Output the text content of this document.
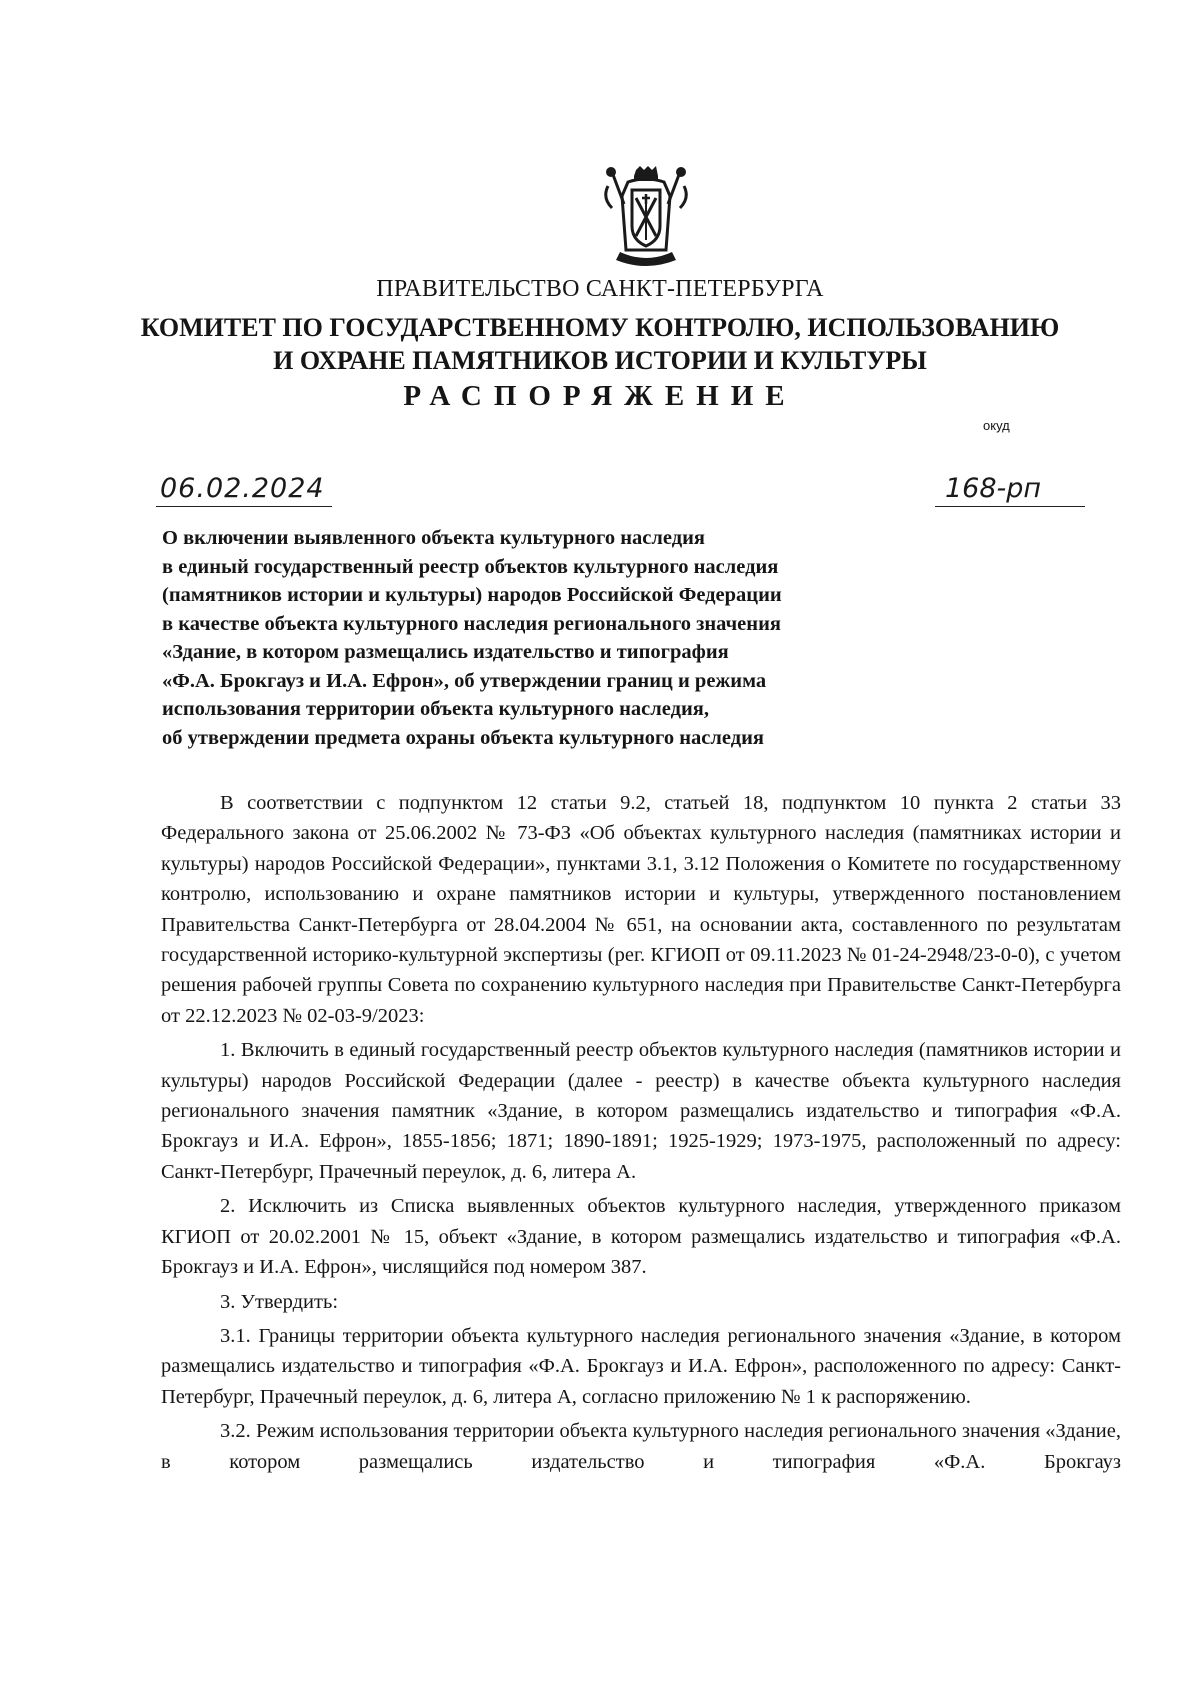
ПРАВИТЕЛЬСТВО САНКТ-ПЕТЕРБУРГА
КОМИТЕТ ПО ГОСУДАРСТВЕННОМУ КОНТРОЛЮ, ИСПОЛЬЗОВАНИЮ
И ОХРАНЕ ПАМЯТНИКОВ ИСТОРИИ И КУЛЬТУРЫ
РАСПОРЯЖЕНИЕ
окуд
06.02.2024	168-рп
О включении выявленного объекта культурного наследия
в единый государственный реестр объектов культурного наследия
(памятников истории и культуры) народов Российской Федерации
в качестве объекта культурного наследия регионального значения
«Здание, в котором размещались издательство и типография
«Ф.А. Брокгауз и И.А. Ефрон», об утверждении границ и режима
использования территории объекта культурного наследия,
об утверждении предмета охраны объекта культурного наследия

В соответствии с подпунктом 12 статьи 9.2, статьей 18, подпунктом 10 пункта 2 статьи 33 Федерального закона от 25.06.2002 № 73-ФЗ «Об объектах культурного наследия (памятниках истории и культуры) народов Российской Федерации», пунктами 3.1, 3.12 Положения о Комитете по государственному контролю, использованию и охране памятников истории и культуры, утвержденного постановлением Правительства Санкт-Петербурга от 28.04.2004 № 651, на основании акта, составленного по результатам государственной историко-культурной экспертизы (рег. КГИОП от 09.11.2023 № 01-24-2948/23-0-0), с учетом решения рабочей группы Совета по сохранению культурного наследия при Правительстве Санкт-Петербурга от 22.12.2023 № 02-03-9/2023:

1. Включить в единый государственный реестр объектов культурного наследия (памятников истории и культуры) народов Российской Федерации (далее - реестр) в качестве объекта культурного наследия регионального значения памятник «Здание, в котором размещались издательство и типография «Ф.А. Брокгауз и И.А. Ефрон», 1855-1856; 1871; 1890-1891; 1925-1929; 1973-1975, расположенный по адресу: Санкт-Петербург, Прачечный переулок, д. 6, литера А.

2. Исключить из Списка выявленных объектов культурного наследия, утвержденного приказом КГИОП от 20.02.2001 № 15, объект «Здание, в котором размещались издательство и типография «Ф.А. Брокгауз и И.А. Ефрон», числящийся под номером 387.

3. Утвердить:

3.1. Границы территории объекта культурного наследия регионального значения «Здание, в котором размещались издательство и типография «Ф.А. Брокгауз и И.А. Ефрон», расположенного по адресу: Санкт-Петербург, Прачечный переулок, д. 6, литера А, согласно приложению № 1 к распоряжению.

3.2. Режим использования территории объекта культурного наследия регионального значения «Здание, в котором размещались издательство и типография «Ф.А. Брокгауз
